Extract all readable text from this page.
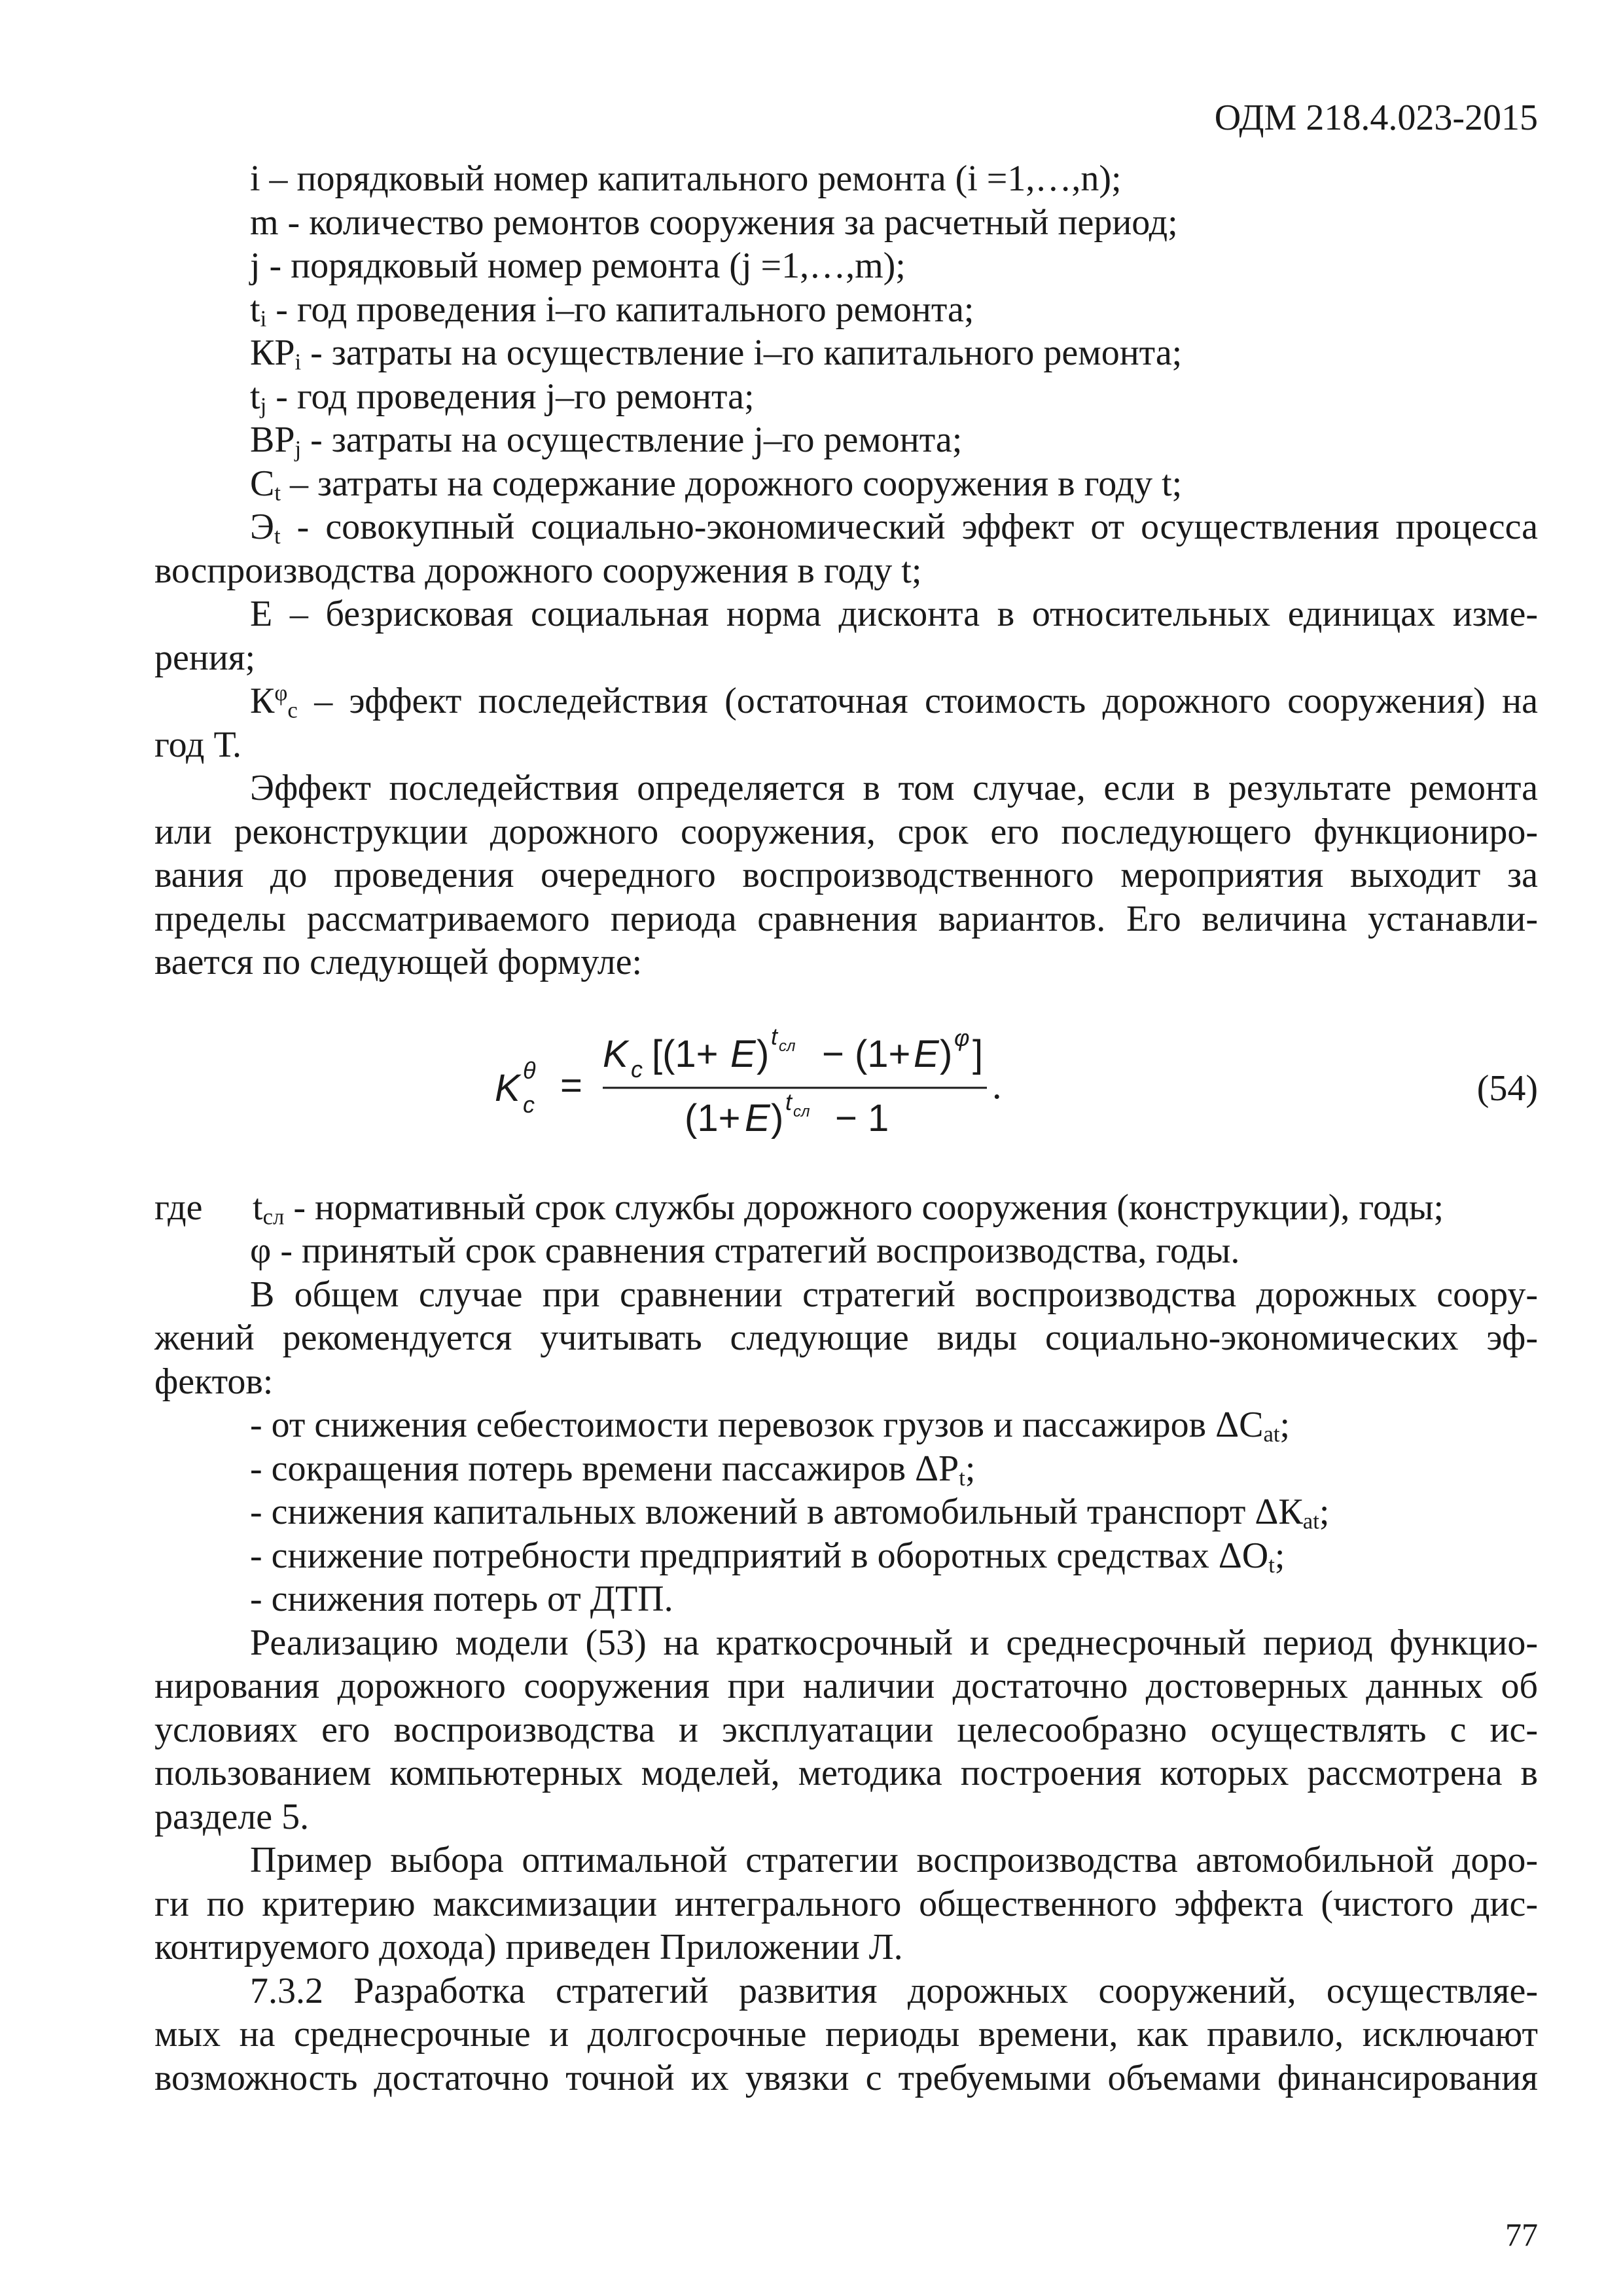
ОДМ 218.4.023-2015
i – порядковый номер капитального ремонта (i =1,…,n);
m - количество ремонтов сооружения за расчетный период;
j - порядковый номер ремонта (j =1,…,m);
$t_i$ - год проведения i–го капитального ремонта;
$КР_i$ - затраты на осуществление i–го капитального ремонта;
$t_j$ - год проведения j–го ремонта;
$ВР_j$ - затраты на осуществление j–го ремонта;
$С_t$ – затраты на содержание дорожного сооружения в году t;
$Э_t$ - совокупный социально-экономический эффект от осуществления процесса
воспроизводства дорожного сооружения в году t;
Е – безрисковая социальная норма дисконта в относительных единицах изме-
рения;
$К^\varphi_с$ – эффект последействия (остаточная стоимость дорожного сооружения) на
год Т.
Эффект последействия определяется в том случае, если в результате ремонта
или реконструкции дорожного сооружения, срок его последующего функциониро-
вания до проведения очередного воспроизводственного мероприятия выходит за
пределы рассматриваемого периода сравнения вариантов. Его величина устанавли-
вается по следующей формуле:
K θ
c =
K c [(1+ E ) t сл − (1+ E ) φ ]
(1+ E ) t сл − 1
.	(54)
где $t_{сл}$ - нормативный срок службы дорожного сооружения (конструкции), годы;
φ - принятый срок сравнения стратегий воспроизводства, годы.
В общем случае при сравнении стратегий воспроизводства дорожных соору-
жений рекомендуется учитывать следующие виды социально-экономических эф-
фектов:
- от снижения себестоимости перевозок грузов и пассажиров $\Delta С_{at}$;
- сокращения потерь времени пассажиров $\Delta Р_t$;
- снижения капитальных вложений в автомобильный транспорт $\Delta К_{at}$;
- снижение потребности предприятий в оборотных средствах $\Delta О_t$;
- снижения потерь от ДТП.
Реализацию модели (53) на краткосрочный и среднесрочный период функцио-
нирования дорожного сооружения при наличии достаточно достоверных данных об
условиях его воспроизводства и эксплуатации целесообразно осуществлять с ис-
пользованием компьютерных моделей, методика построения которых рассмотрена в
разделе 5.
Пример выбора оптимальной стратегии воспроизводства автомобильной доро-
ги по критерию максимизации интегрального общественного эффекта (чистого дис-
контируемого дохода) приведен Приложении Л.
7.3.2 Разработка стратегий развития дорожных сооружений, осуществляе-
мых на среднесрочные и долгосрочные периоды времени, как правило, исключают
возможность достаточно точной их увязки с требуемыми объемами финансирования
77
